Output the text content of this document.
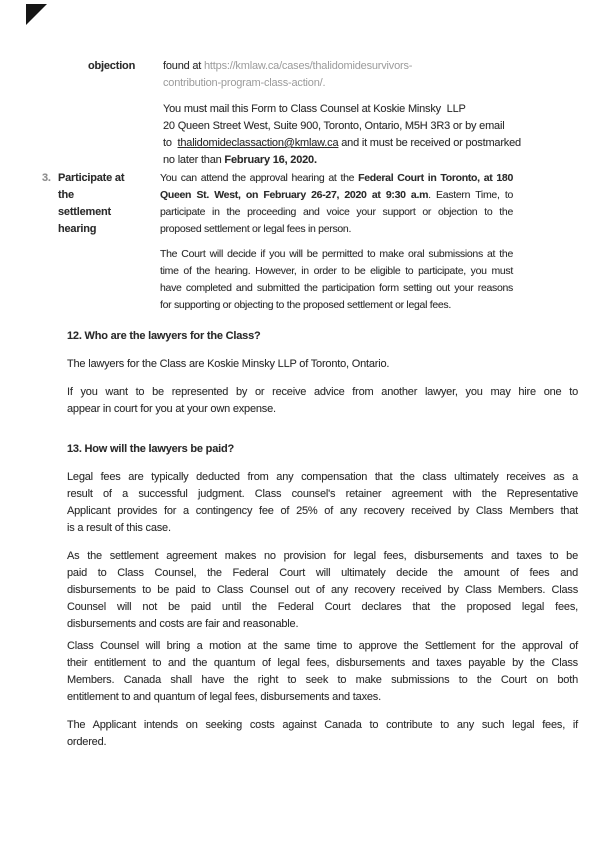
objection	found at https://kmlaw.ca/cases/thalidomidesurvivors-
contribution-program-class-action/.
You must mail this Form to Class Counsel at Koskie Minsky  LLP
20 Queen Street West, Suite 900, Toronto, Ontario, M5H 3R3 or by email
to  thalidomideclassaction@kmlaw.ca and it must be received or postmarked
no later than February 16, 2020.
3. Participate at
the
settlement
hearing
You can attend the approval hearing at the Federal Court in Toronto, at 180
Queen St. West, on February 26-27, 2020 at 9:30 a.m. Eastern Time, to
participate in the proceeding and voice your support or objection to the
proposed settlement or legal fees in person.
The Court will decide if you will be permitted to make oral submissions at the
time of the hearing. However, in order to be eligible to participate, you must
have completed and submitted the participation form setting out your reasons
for supporting or objecting to the proposed settlement or legal fees.
12. Who are the lawyers for the Class?
The lawyers for the Class are Koskie Minsky LLP of Toronto, Ontario.
If you want to be represented by or receive advice from another lawyer, you may hire one to
appear in court for you at your own expense.
13. How will the lawyers be paid?
Legal fees are typically deducted from any compensation that the class ultimately receives as a
result of a successful judgment. Class counsel's retainer agreement with the Representative
Applicant provides for a contingency fee of 25% of any recovery received by Class Members that
is a result of this case.
As the settlement agreement makes no provision for legal fees, disbursements and taxes to be
paid to Class Counsel, the Federal Court will ultimately decide the amount of fees and
disbursements to be paid to Class Counsel out of any recovery received by Class Members. Class
Counsel will not be paid until the Federal Court declares that the proposed legal fees,
disbursements and costs are fair and reasonable.
Class Counsel will bring a motion at the same time to approve the Settlement for the approval of
their entitlement to and the quantum of legal fees, disbursements and taxes payable by the Class
Members. Canada shall have the right to seek to make submissions to the Court on both
entitlement to and quantum of legal fees, disbursements and taxes.
The Applicant intends on seeking costs against Canada to contribute to any such legal fees, if
ordered.
